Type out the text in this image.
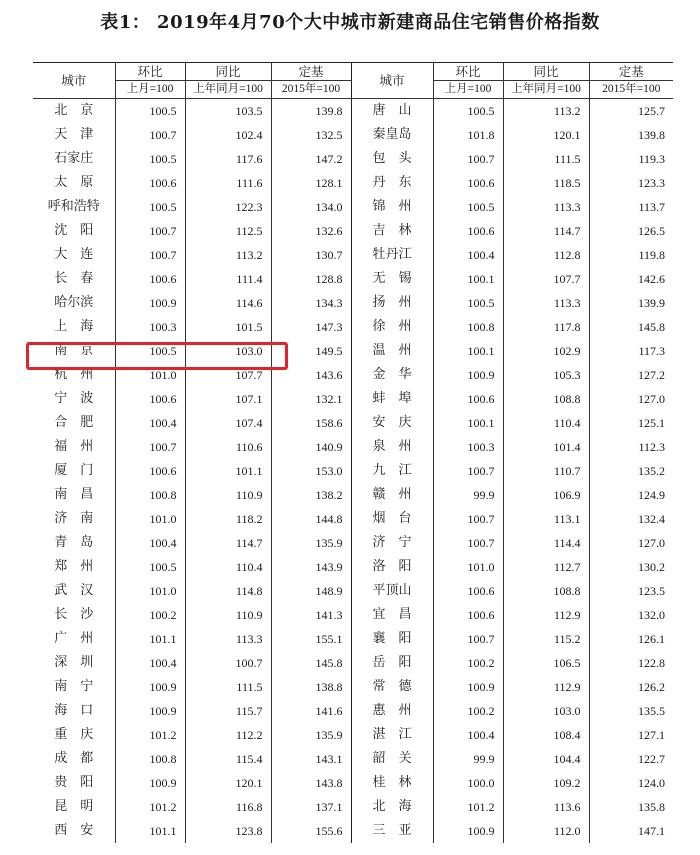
表1： 2019年4月70个大中城市新建商品住宅销售价格指数
城市	环比	同比	定基	城市	环比	同比	定基
	上月=100	上年同月=100	2015年=100		上月=100	上年同月=100	2015年=100
北　京	100.5	103.5	139.8	唐　山	100.5	113.2	125.7
天　津	100.7	102.4	132.5	秦皇岛	101.8	120.1	139.8
石家庄	100.5	117.6	147.2	包　头	100.7	111.5	119.3
太　原	100.6	111.6	128.1	丹　东	100.6	118.5	123.3
呼和浩特	100.5	122.3	134.0	锦　州	100.5	113.3	113.7
沈　阳	100.7	112.5	132.6	吉　林	100.6	114.7	126.5
大　连	100.7	113.2	130.7	牡丹江	100.4	112.8	119.8
长　春	100.6	111.4	128.8	无　锡	100.1	107.7	142.6
哈尔滨	100.9	114.6	134.3	扬　州	100.5	113.3	139.9
上　海	100.3	101.5	147.3	徐　州	100.8	117.8	145.8
南　京	100.5	103.0	149.5	温　州	100.1	102.9	117.3
杭　州	101.0	107.7	143.6	金　华	100.9	105.3	127.2
宁　波	100.6	107.1	132.1	蚌　埠	100.6	108.8	127.0
合　肥	100.4	107.4	158.6	安　庆	100.1	110.4	125.1
福　州	100.7	110.6	140.9	泉　州	100.3	101.4	112.3
厦　门	100.6	101.1	153.0	九　江	100.7	110.7	135.2
南　昌	100.8	110.9	138.2	赣　州	99.9	106.9	124.9
济　南	101.0	118.2	144.8	烟　台	100.7	113.1	132.4
青　岛	100.4	114.7	135.9	济　宁	100.7	114.4	127.0
郑　州	100.5	110.4	143.9	洛　阳	101.0	112.7	130.2
武　汉	101.0	114.8	148.9	平顶山	100.6	108.8	123.5
长　沙	100.2	110.9	141.3	宜　昌	100.6	112.9	132.0
广　州	101.1	113.3	155.1	襄　阳	100.7	115.2	126.1
深　圳	100.4	100.7	145.8	岳　阳	100.2	106.5	122.8
南　宁	100.9	111.5	138.8	常　德	100.9	112.9	126.2
海　口	100.9	115.7	141.6	惠　州	100.2	103.0	135.5
重　庆	101.2	112.2	135.9	湛　江	100.4	108.4	127.1
成　都	100.8	115.4	143.1	韶　关	99.9	104.4	122.7
贵　阳	100.9	120.1	143.8	桂　林	100.0	109.2	124.0
昆　明	101.2	116.8	137.1	北　海	101.2	113.6	135.8
西　安	101.1	123.8	155.6	三　亚	100.9	112.0	147.1
